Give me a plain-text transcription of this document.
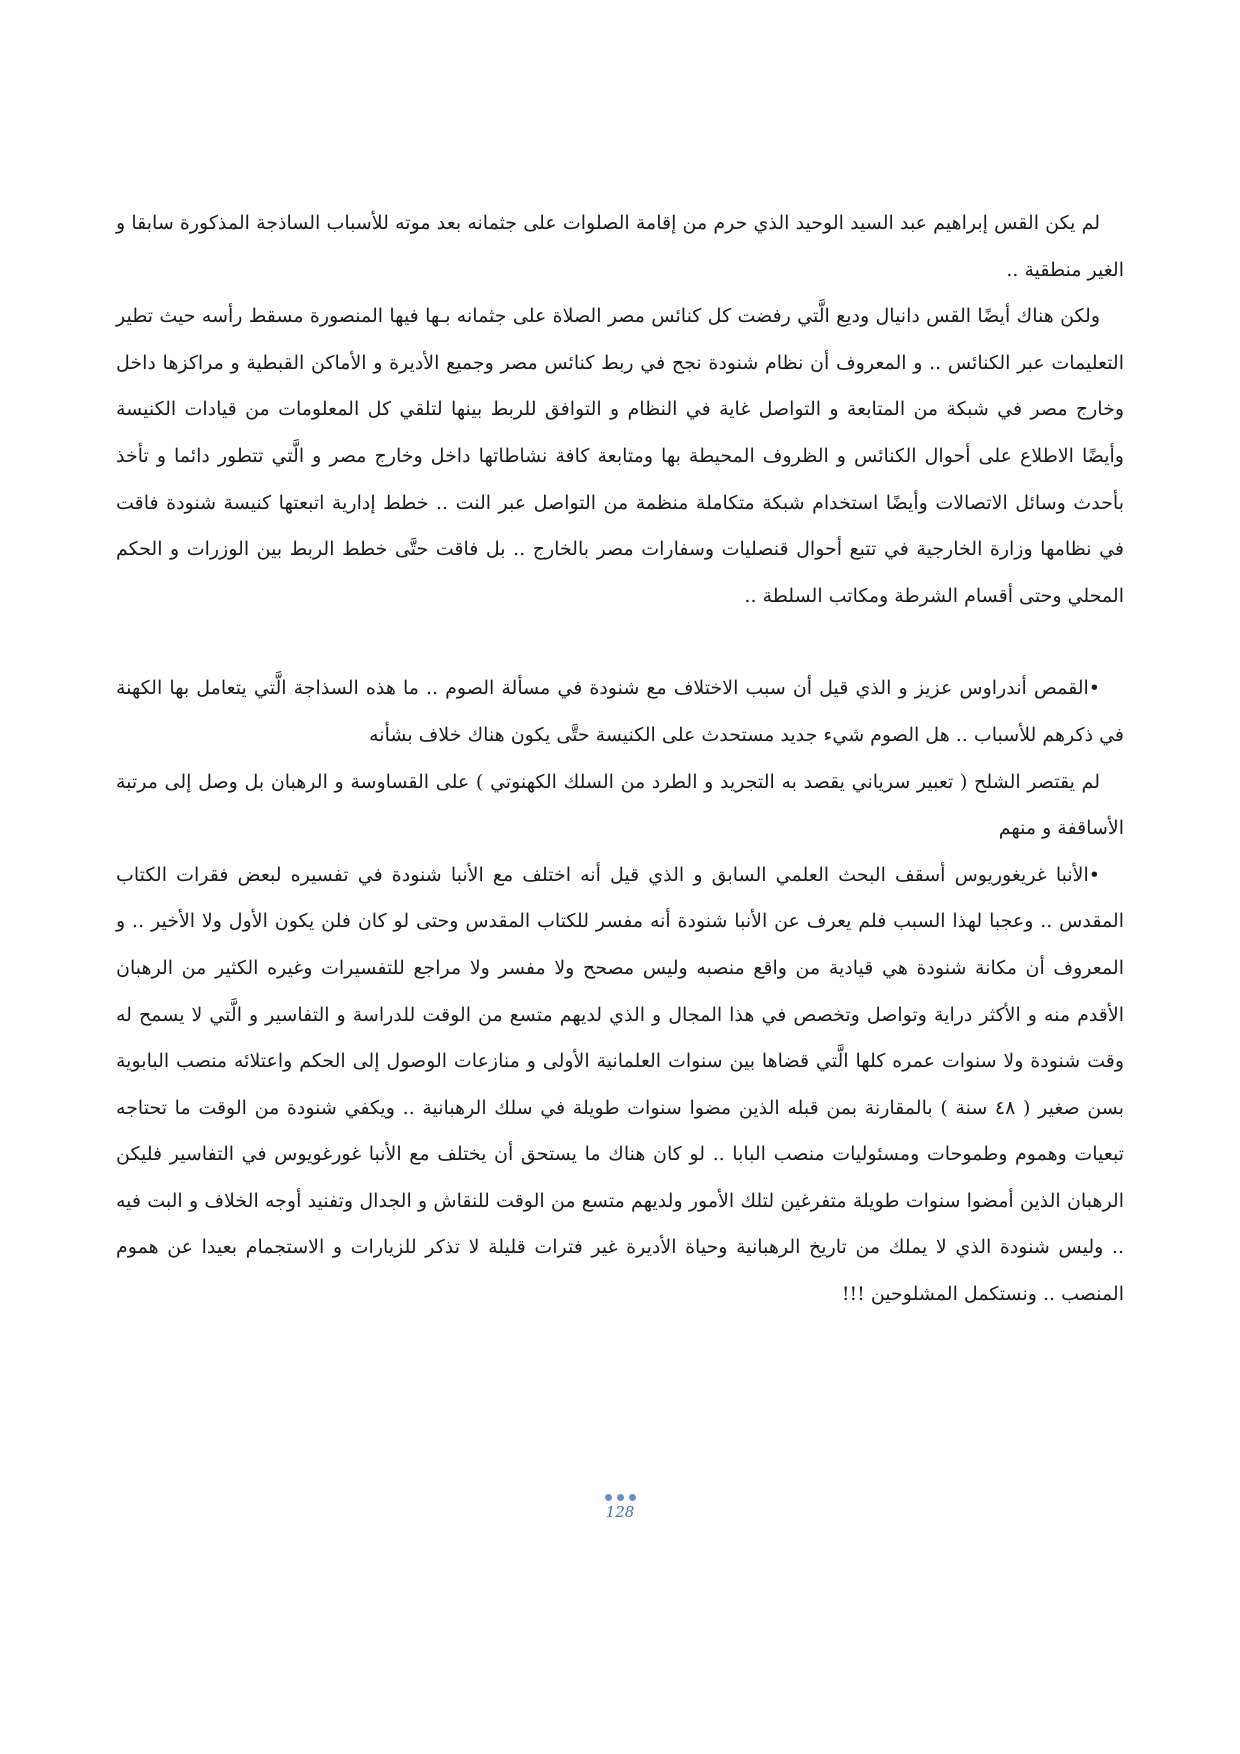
لم يكن القس إبراهيم عبد السيد الوحيد الذي حرم من إقامة الصلوات على جثمانه بعد موته للأسباب الساذجة المذكورة سابقا و الغير منطقية ..

ولكن هناك أيضًا القس دانيال وديع الَّتي رفضت كل كنائس مصر الصلاة على جثمانه بـها فيها المنصورة مسقط رأسه حيث تطير التعليمات عبر الكنائس .. و المعروف أن نظام شنودة نجح في ربط كنائس مصر وجميع الأديرة و الأماكن القبطية و مراكزها داخل وخارج مصر في شبكة من المتابعة و التواصل غاية في النظام و التوافق للربط بينها لتلقي كل المعلومات من قيادات الكنيسة وأيضًا الاطلاع على أحوال الكنائس و الظروف المحيطة بها ومتابعة كافة نشاطاتها داخل وخارج مصر و الَّتي تتطور دائما و تأخذ بأحدث وسائل الاتصالات وأيضًا استخدام شبكة متكاملة منظمة من التواصل عبر النت .. خطط إدارية اتبعتها كنيسة شنودة فاقت في نظامها وزارة الخارجية في تتبع أحوال قنصليات وسفارات مصر بالخارج .. بل فاقت حتَّى خطط الربط بين الوزرات و الحكم المحلي وحتى أقسام الشرطة ومكاتب السلطة ..

•القمص أندراوس عزيز و الذي قيل أن سبب الاختلاف مع شنودة في مسألة الصوم .. ما هذه السذاجة الَّتي يتعامل بها الكهنة في ذكرهم للأسباب .. هل الصوم شيء جديد مستحدث على الكنيسة حتَّى يكون هناك خلاف بشأنه

لم يقتصر الشلح ( تعبير سرياني يقصد به التجريد و الطرد من السلك الكهنوتي ) على القساوسة و الرهبان بل وصل إلى مرتبة الأساقفة و منهم

•الأنبا غريغوريوس أسقف البحث العلمي السابق و الذي قيل أنه اختلف مع الأنبا شنودة في تفسيره لبعض فقرات الكتاب المقدس .. وعجبا لهذا السبب فلم يعرف عن الأنبا شنودة أنه مفسر للكتاب المقدس وحتى لو كان فلن يكون الأول ولا الأخير .. و المعروف أن مكانة شنودة هي قيادية من واقع منصبه وليس مصحح ولا مفسر ولا مراجع للتفسيرات وغيره الكثير من الرهبان الأقدم منه و الأكثر دراية وتواصل وتخصص في هذا المجال و الذي لديهم متسع من الوقت للدراسة و التفاسير و الَّتي لا يسمح له وقت شنودة ولا سنوات عمره كلها الَّتي قضاها بين سنوات العلمانية الأولى و منازعات الوصول إلى الحكم واعتلائه منصب البابوية بسن صغير ( ٤٨ سنة ) بالمقارنة بمن قبله الذين مضوا سنوات طويلة في سلك الرهبانية .. ويكفي شنودة من الوقت ما تحتاجه تبعيات وهموم وطموحات ومسئوليات منصب البابا .. لو كان هناك ما يستحق أن يختلف مع الأنبا غورغويوس في التفاسير فليكن الرهبان الذين أمضوا سنوات طويلة متفرغين لتلك الأمور ولديهم متسع من الوقت للنقاش و الجدال وتفنيد أوجه الخلاف و البت فيه .. وليس شنودة الذي لا يملك من تاريخ الرهبانية وحياة الأديرة غير فترات قليلة لا تذكر للزيارات و الاستجمام بعيدا عن هموم المنصب .. ونستكمل المشلوحين !!!

128
